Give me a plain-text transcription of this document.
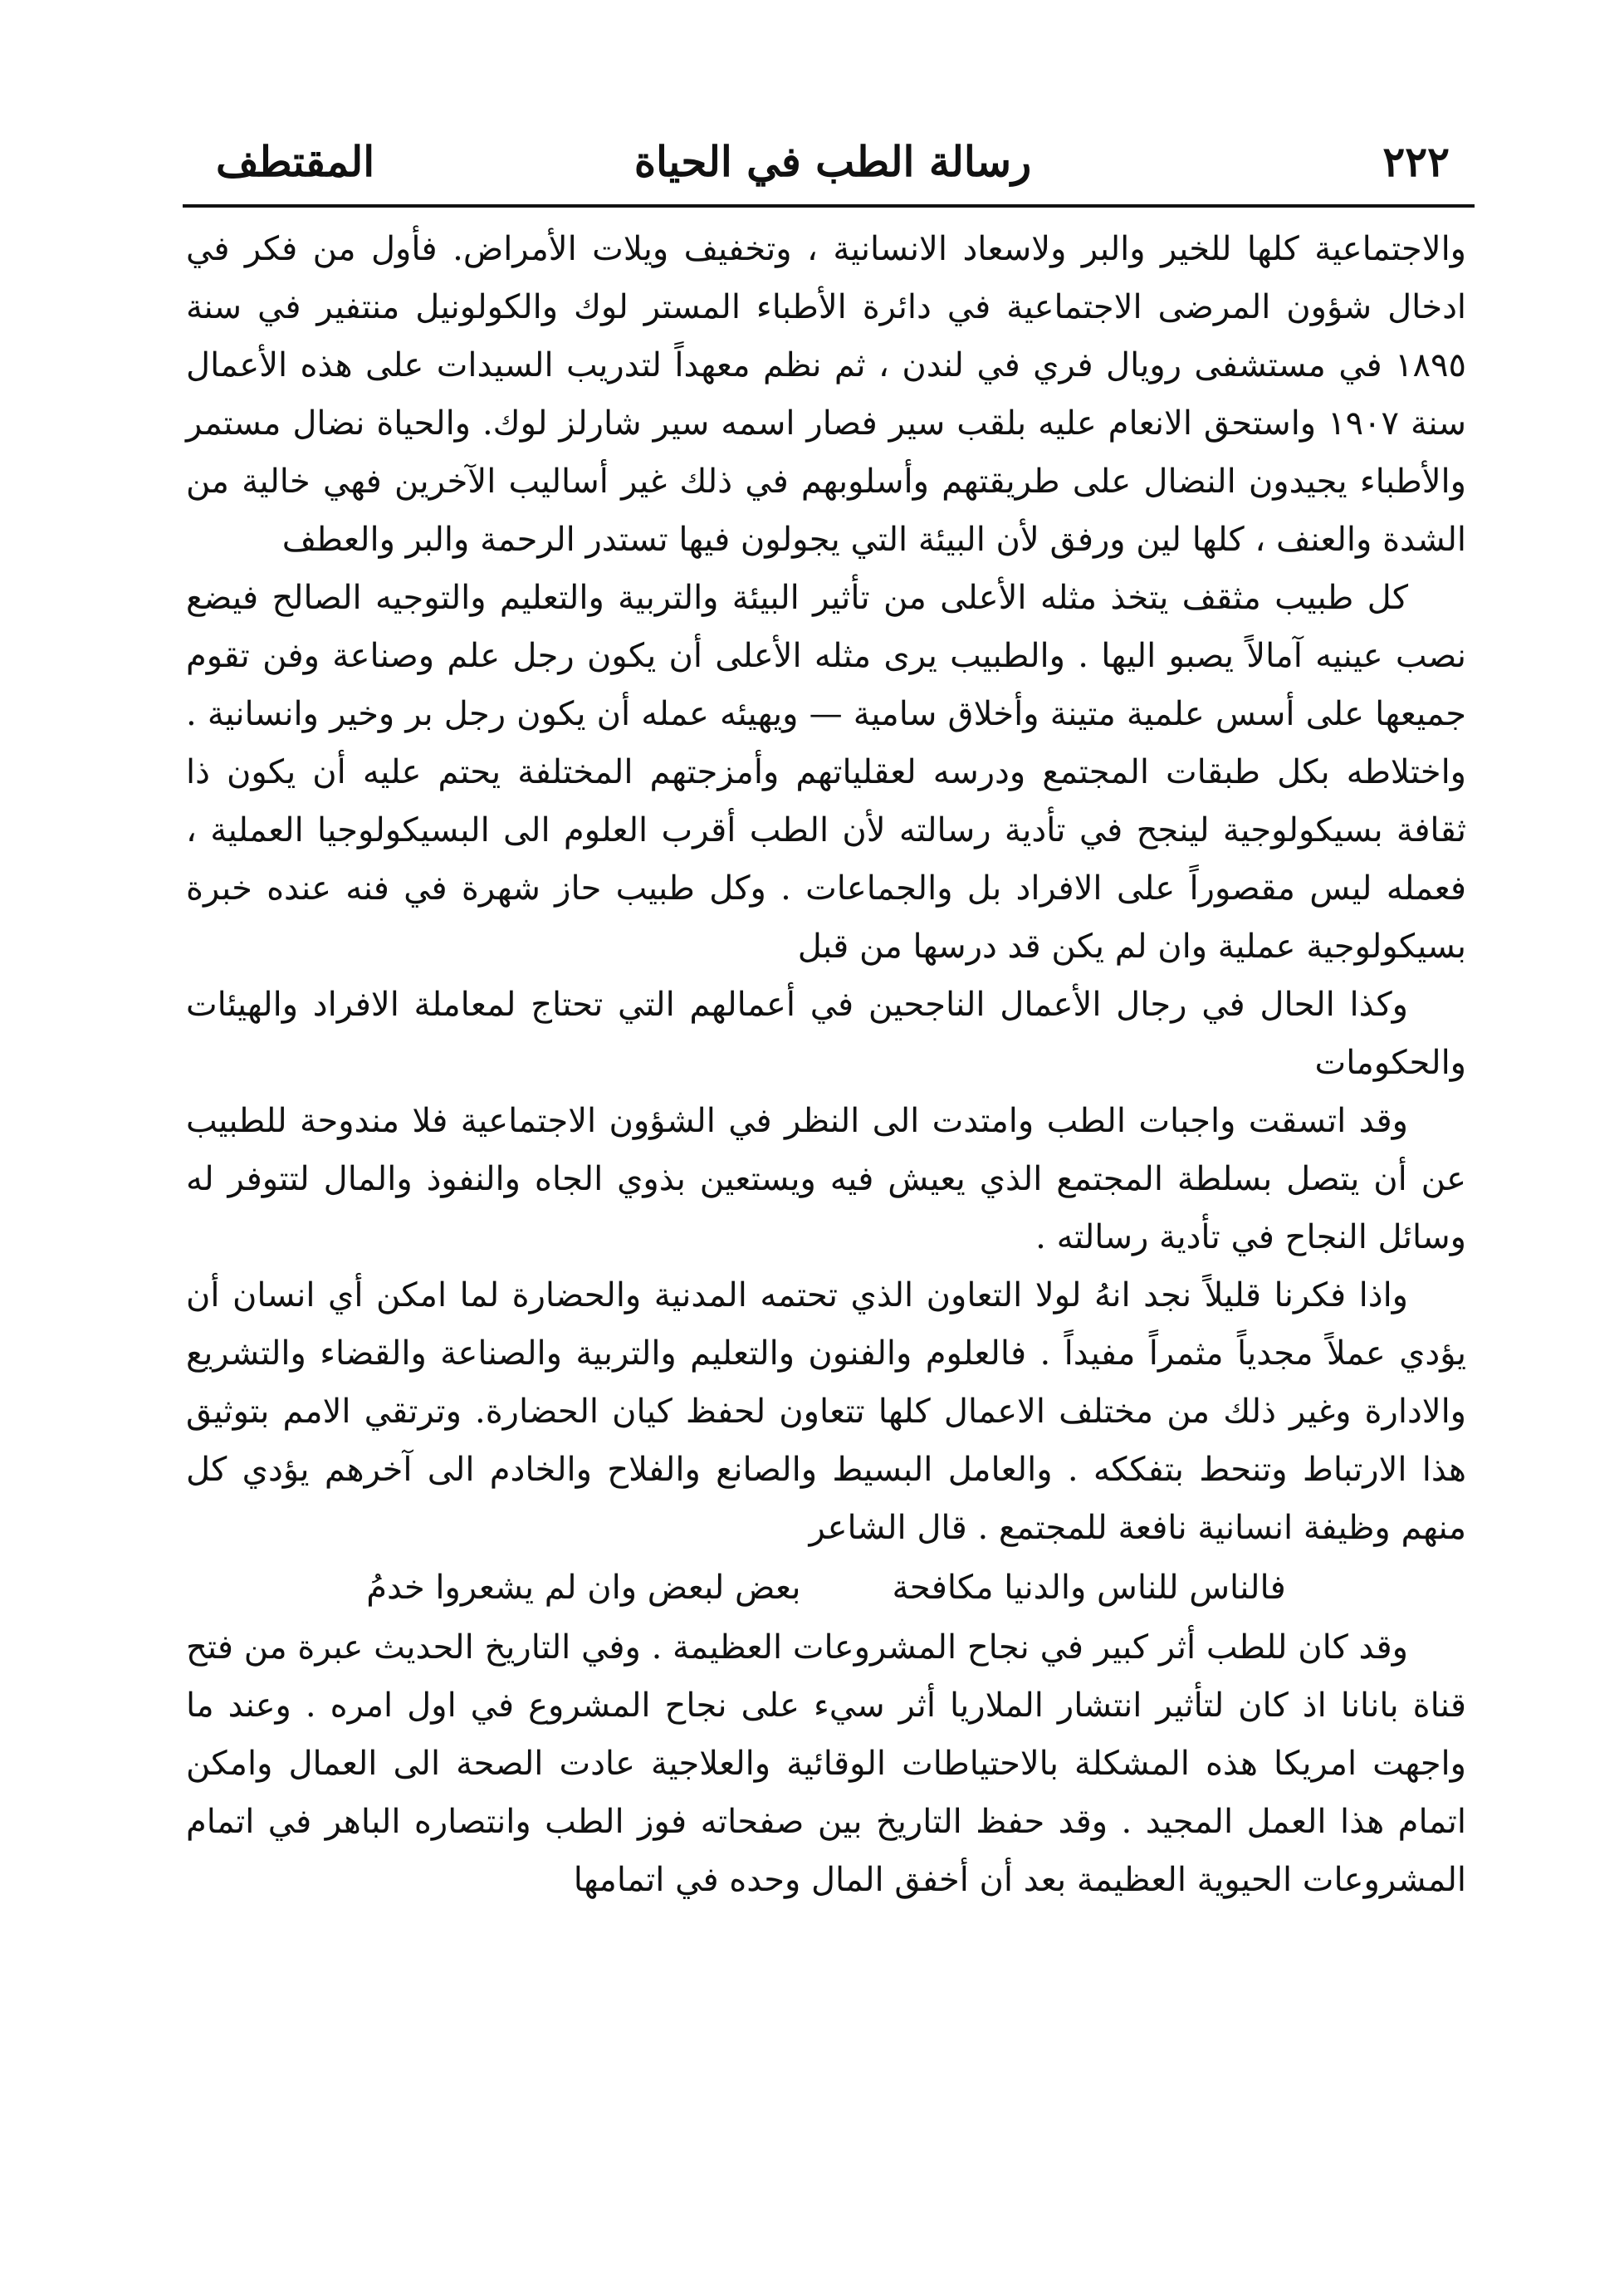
٢٢٢
رسالة الطب في الحياة
المقتطف

والاجتماعية كلها للخير والبر ولاسعاد الانسانية ، وتخفيف ويلات الأمراض. فأول من فكر في ادخال شؤون المرضى الاجتماعية في دائرة الأطباء المستر لوك والكولونيل منتفير في سنة ١٨٩٥ في مستشفى رويال فري في لندن ، ثم نظم معهداً لتدريب السيدات على هذه الأعمال سنة ١٩٠٧ واستحق الانعام عليه بلقب سير فصار اسمه سير شارلز لوك. والحياة نضال مستمر والأطباء يجيدون النضال على طريقتهم وأسلوبهم في ذلك غير أساليب الآخرين فهي خالية من الشدة والعنف ، كلها لين ورفق لأن البيئة التي يجولون فيها تستدر الرحمة والبر والعطف

كل طبيب مثقف يتخذ مثله الأعلى من تأثير البيئة والتربية والتعليم والتوجيه الصالح فيضع نصب عينيه آمالاً يصبو اليها . والطبيب يرى مثله الأعلى أن يكون رجل علم وصناعة وفن تقوم جميعها على أسس علمية متينة وأخلاق سامية — ويهيئه عمله أن يكون رجل بر وخير وانسانية . واختلاطه بكل طبقات المجتمع ودرسه لعقلياتهم وأمزجتهم المختلفة يحتم عليه أن يكون ذا ثقافة بسيكولوجية لينجح في تأدية رسالته لأن الطب أقرب العلوم الى البسيكولوجيا العملية ، فعمله ليس مقصوراً على الافراد بل والجماعات . وكل طبيب حاز شهرة في فنه عنده خبرة بسيكولوجية عملية وان لم يكن قد درسها من قبل

وكذا الحال في رجال الأعمال الناجحين في أعمالهم التي تحتاج لمعاملة الافراد والهيئات والحكومات

وقد اتسقت واجبات الطب وامتدت الى النظر في الشؤون الاجتماعية فلا مندوحة للطبيب عن أن يتصل بسلطة المجتمع الذي يعيش فيه ويستعين بذوي الجاه والنفوذ والمال لتتوفر له وسائل النجاح في تأدية رسالته .

واذا فكرنا قليلاً نجد انهُ لولا التعاون الذي تحتمه المدنية والحضارة لما امكن أي انسان أن يؤدي عملاً مجدياً مثمراً مفيداً . فالعلوم والفنون والتعليم والتربية والصناعة والقضاء والتشريع والادارة وغير ذلك من مختلف الاعمال كلها تتعاون لحفظ كيان الحضارة. وترتقي الامم بتوثيق هذا الارتباط وتنحط بتفككه . والعامل البسيط والصانع والفلاح والخادم الى آخرهم يؤدي كل منهم وظيفة انسانية نافعة للمجتمع . قال الشاعر

فالناس للناس والدنيا مكافحة
بعض لبعض وان لم يشعروا خدمُ

وقد كان للطب أثر كبير في نجاح المشروعات العظيمة . وفي التاريخ الحديث عبرة من فتح قناة بانانا اذ كان لتأثير انتشار الملاريا أثر سيء على نجاح المشروع في اول امره . وعند ما واجهت امريكا هذه المشكلة بالاحتياطات الوقائية والعلاجية عادت الصحة الى العمال وامكن اتمام هذا العمل المجيد . وقد حفظ التاريخ بين صفحاته فوز الطب وانتصاره الباهر في اتمام المشروعات الحيوية العظيمة بعد أن أخفق المال وحده في اتمامها
